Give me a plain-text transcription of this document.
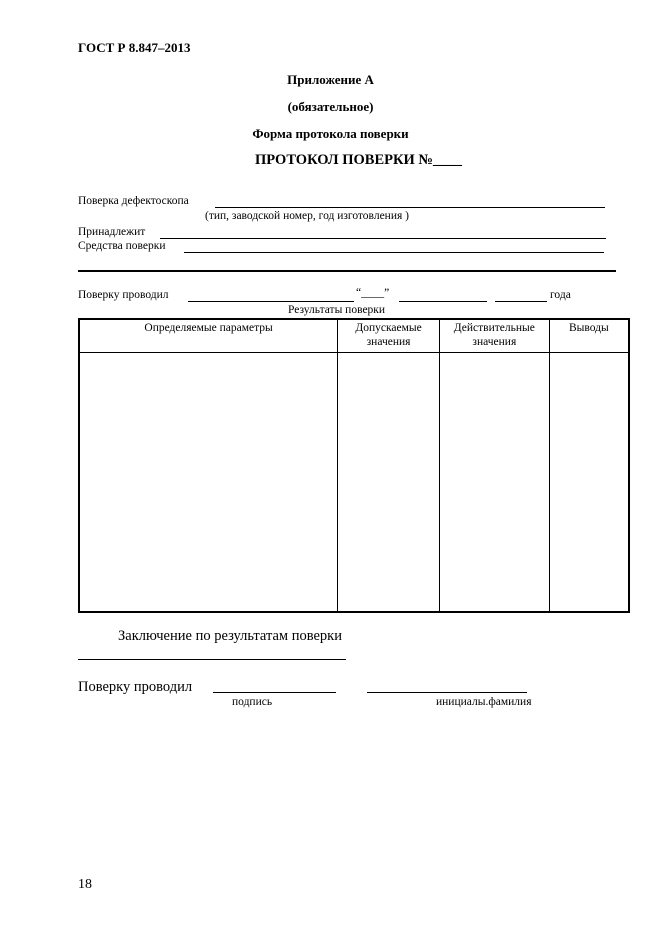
ГОСТ Р 8.847–2013
Приложение А
(обязательное)
Форма протокола поверки
ПРОТОКОЛ ПОВЕРКИ №____
Поверка дефектоскопа
(тип, заводской номер, год изготовления )
Принадлежит
Средства поверки
Поверку проводил	“____”	года
Результаты поверки
Определяемые параметры	Допускаемые значения	Действительные значения	Выводы

Заключение по результатам поверки
Поверку проводил
подпись	инициалы.фамилия
18
